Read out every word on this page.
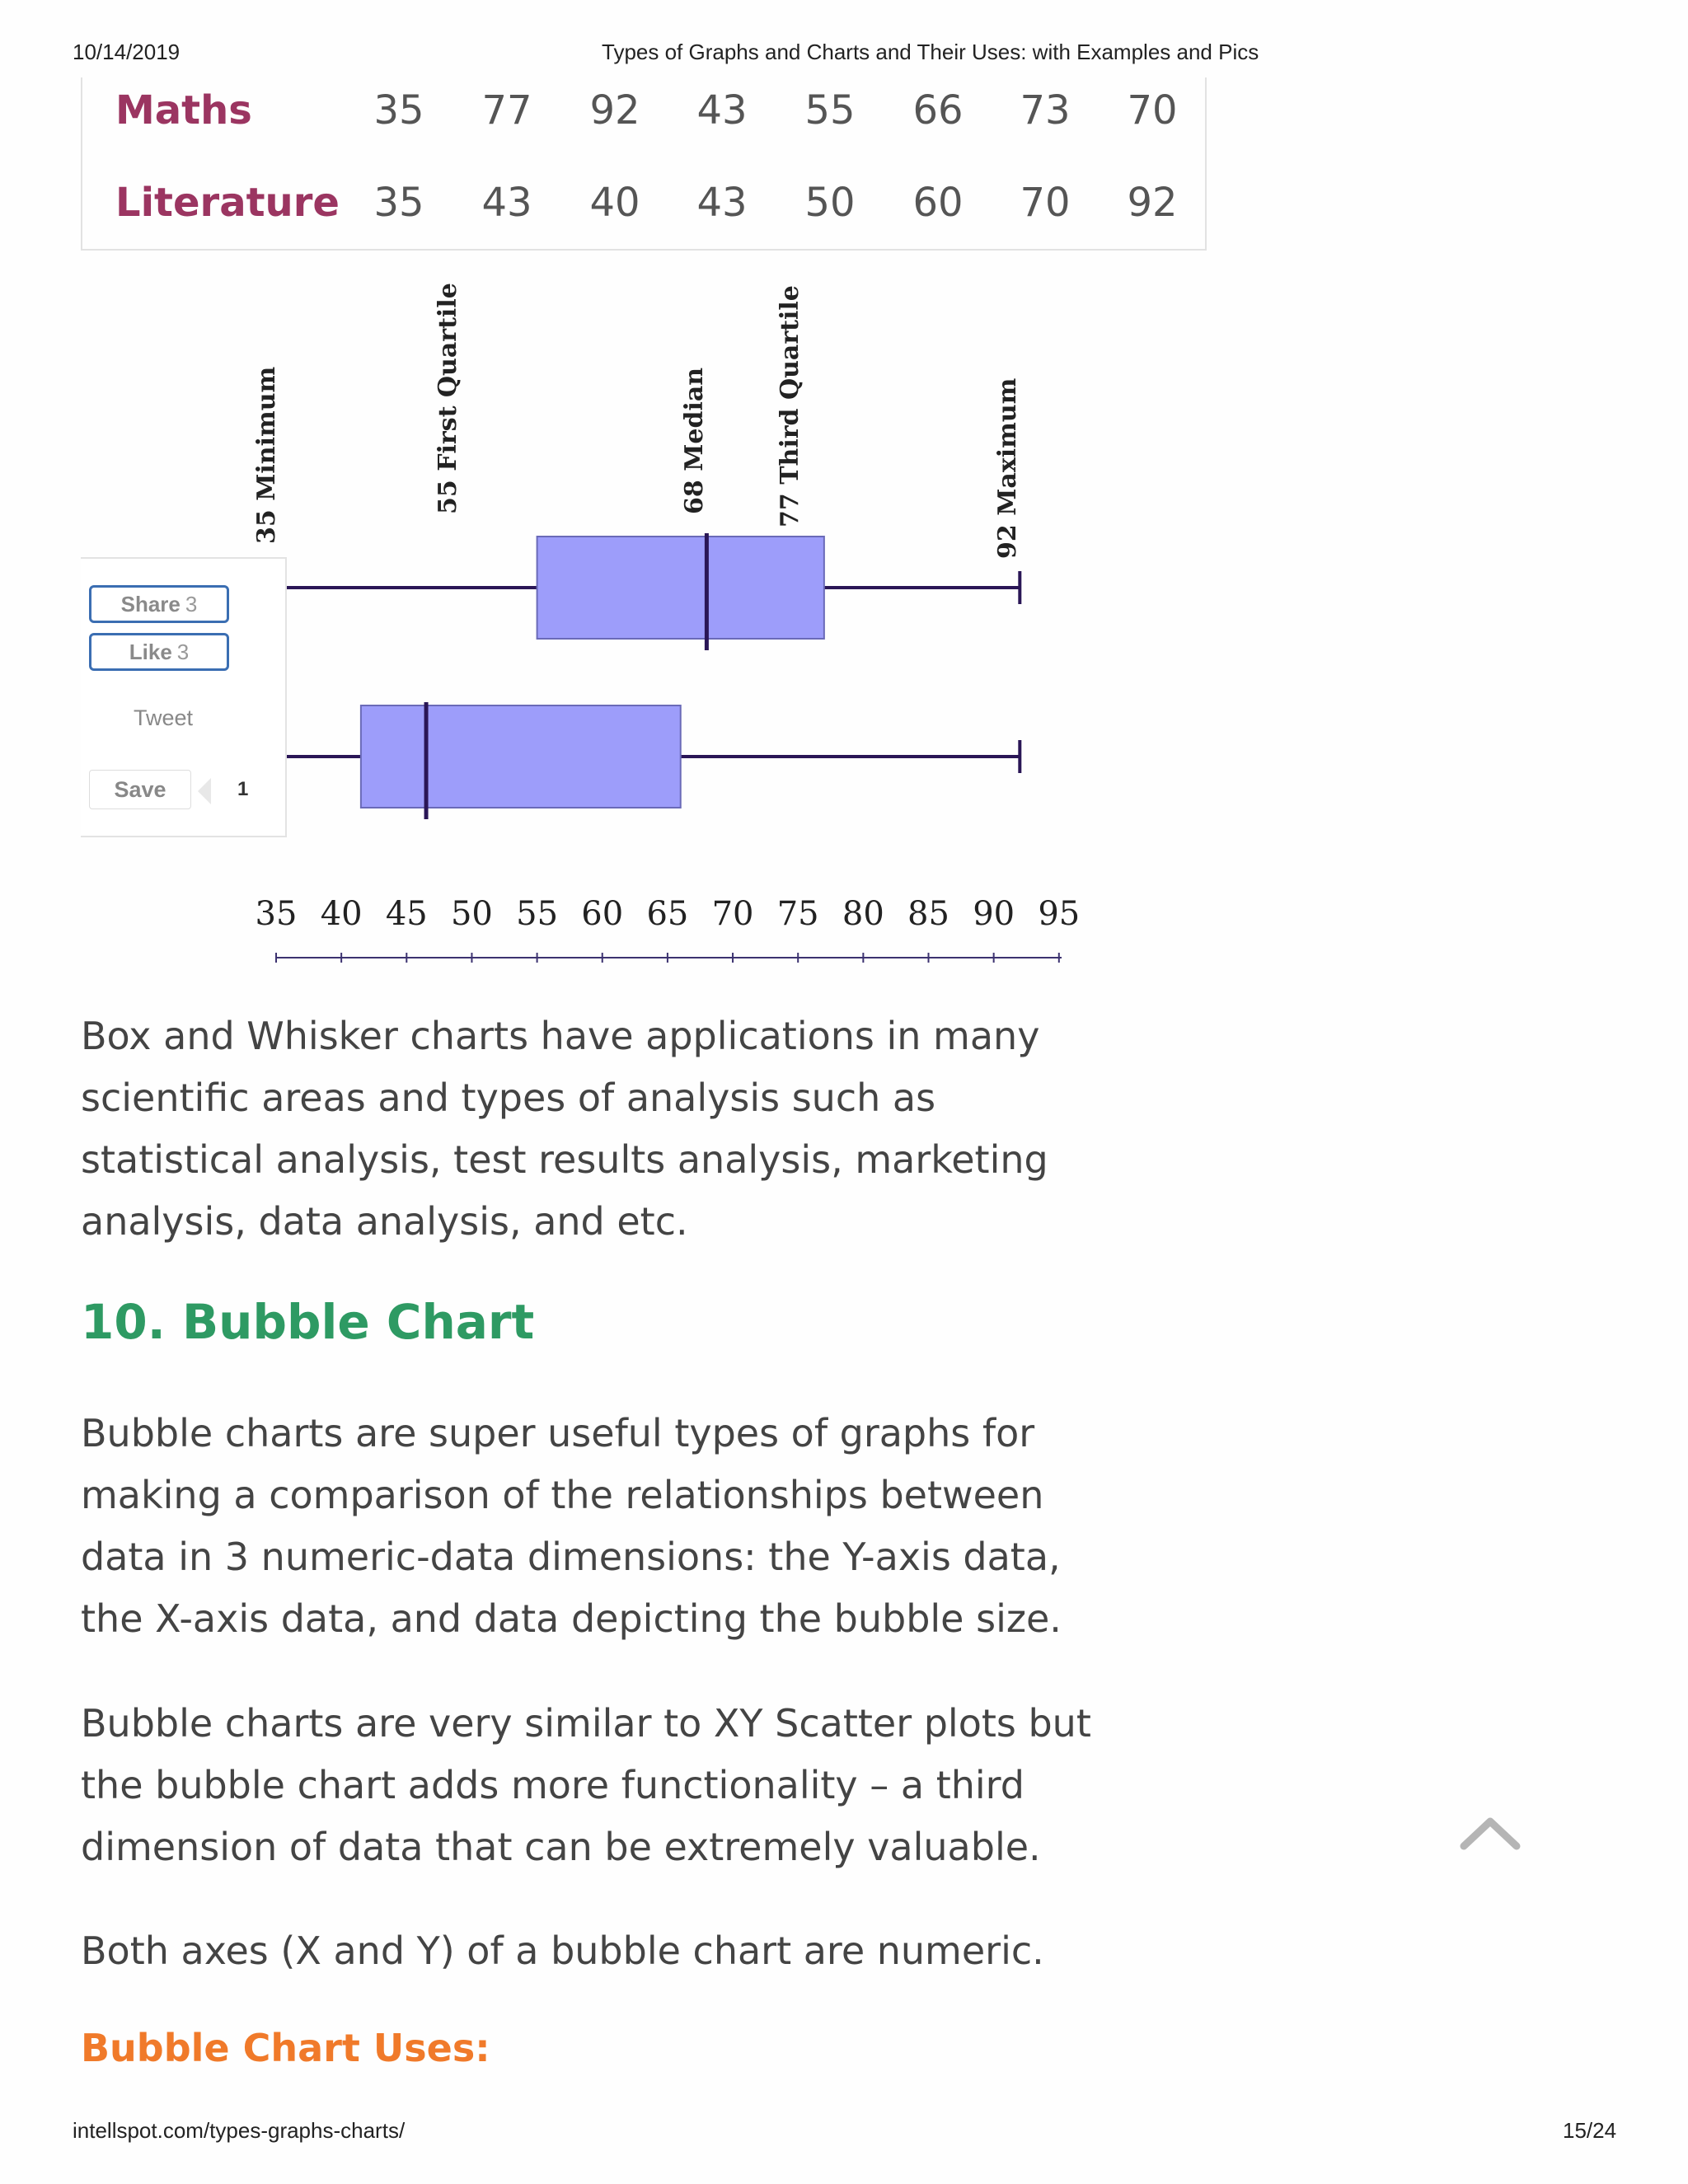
10/14/2019	Types of Graphs and Charts and Their Uses: with Examples and Pics
Maths	35	77	92	43	55	66	73	70
Literature 35	43	40	43	50	60	70	92
35 Minimum	55 First Quartile	68 Median	77 Third Quartile	92 Maximum
35 40 45 50 55 60 65 70 75 80 85 90 95
Share 3
Like 3
Tweet
Save	1

Box and Whisker charts have applications in many scientific areas and types of analysis such as statistical analysis, test results analysis, marketing analysis, data analysis, and etc.

10. Bubble Chart

Bubble charts are super useful types of graphs for making a comparison of the relationships between data in 3 numeric-data dimensions: the Y-axis data, the X-axis data, and data depicting the bubble size.

Bubble charts are very similar to XY Scatter plots but the bubble chart adds more functionality – a third dimension of data that can be extremely valuable.

Both axes (X and Y) of a bubble chart are numeric.

Bubble Chart Uses:
intellspot.com/types-graphs-charts/	15/24
